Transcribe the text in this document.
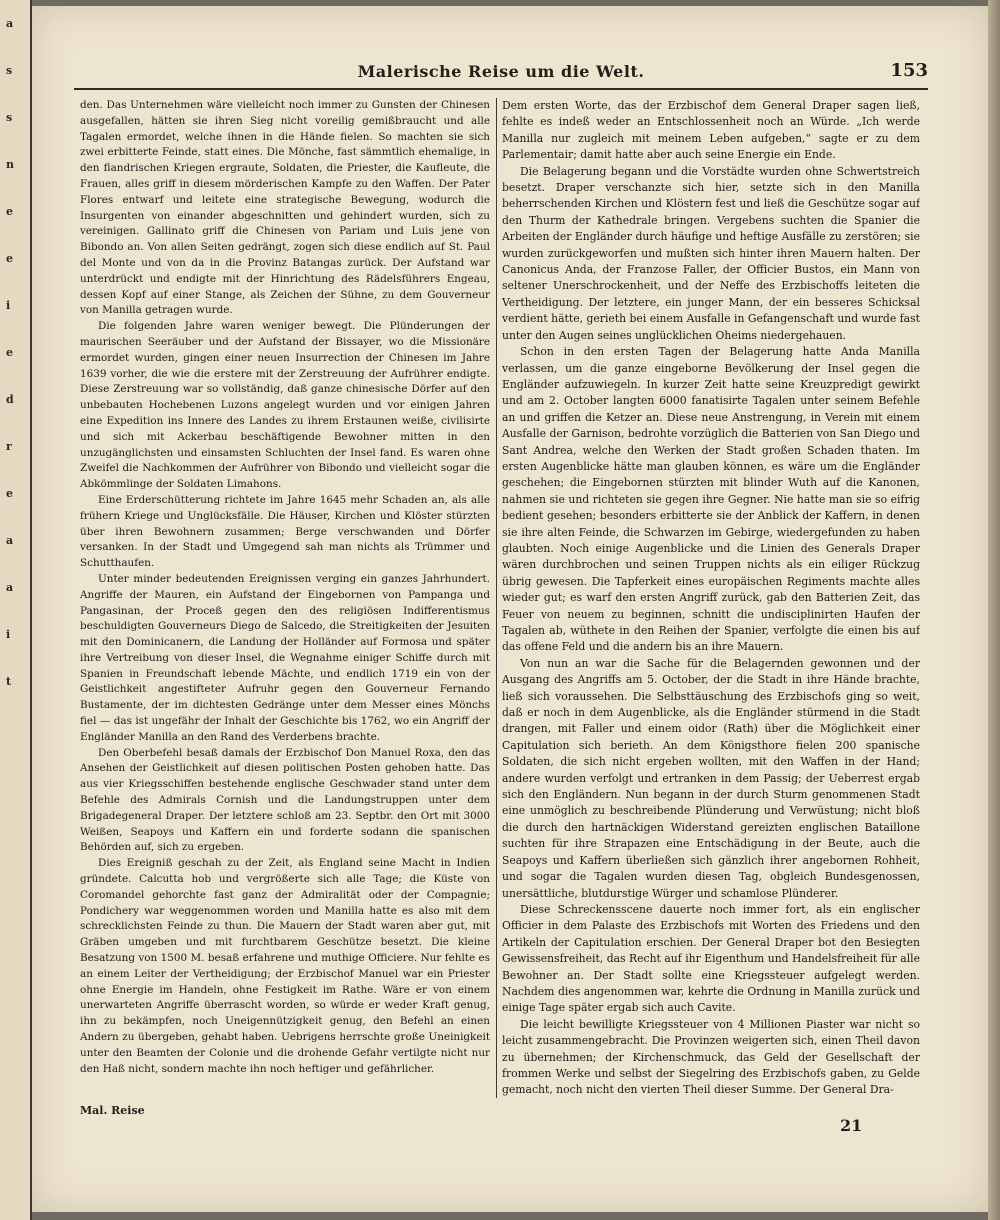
a
s
s
n
e
e
i
e
d
r
e
a
a
i
t
Malerische Reise um die Welt.	153

den. Das Unternehmen wäre vielleicht noch immer zu Gunsten der Chinesen ausgefallen, hätten sie ihren Sieg nicht voreilig gemißbraucht und alle Tagalen ermordet, welche ihnen in die Hände fielen. So machten sie sich zwei erbitterte Feinde, statt eines. Die Mönche, fast sämmtlich ehemalige, in den flandrischen Kriegen ergraute, Soldaten, die Priester, die Kaufleute, die Frauen, alles griff in diesem mörderischen Kampfe zu den Waffen. Der Pater Flores entwarf und leitete eine strategische Bewegung, wodurch die Insurgenten von einander abgeschnitten und gehindert wurden, sich zu vereinigen. Gallinato griff die Chinesen von Pariam und Luis jene von Bibondo an. Von allen Seiten gedrängt, zogen sich diese endlich auf St. Paul del Monte und von da in die Provinz Batangas zurück. Der Aufstand war unterdrückt und endigte mit der Hinrichtung des Rädelsführers Engeau, dessen Kopf auf einer Stange, als Zeichen der Sühne, zu dem Gouverneur von Manilla getragen wurde.

Die folgenden Jahre waren weniger bewegt. Die Plünderungen der maurischen Seeräuber und der Aufstand der Bissayer, wo die Missionäre ermordet wurden, gingen einer neuen Insurrection der Chinesen im Jahre 1639 vorher, die wie die erstere mit der Zerstreuung der Aufrührer endigte. Diese Zerstreuung war so vollständig, daß ganze chinesische Dörfer auf den unbebauten Hochebenen Luzons angelegt wurden und vor einigen Jahren eine Expedition ins Innere des Landes zu ihrem Erstaunen weiße, civilisirte und sich mit Ackerbau beschäftigende Bewohner mitten in den unzugänglichsten und einsamsten Schluchten der Insel fand. Es waren ohne Zweifel die Nachkommen der Aufrührer von Bibondo und vielleicht sogar die Abkömmlinge der Soldaten Limahons.

Eine Erderschütterung richtete im Jahre 1645 mehr Schaden an, als alle frühern Kriege und Unglücksfälle. Die Häuser, Kirchen und Klöster stürzten über ihren Bewohnern zusammen; Berge verschwanden und Dörfer versanken. In der Stadt und Umgegend sah man nichts als Trümmer und Schutthaufen.

Unter minder bedeutenden Ereignissen verging ein ganzes Jahrhundert. Angriffe der Mauren, ein Aufstand der Eingebornen von Pampanga und Pangasinan, der Proceß gegen den des religiösen Indifferentismus beschuldigten Gouverneurs Diego de Salcedo, die Streitigkeiten der Jesuiten mit den Dominicanern, die Landung der Holländer auf Formosa und später ihre Vertreibung von dieser Insel, die Wegnahme einiger Schiffe durch mit Spanien in Freundschaft lebende Mächte, und endlich 1719 ein von der Geistlichkeit angestifteter Aufruhr gegen den Gouverneur Fernando Bustamente, der im dichtesten Gedränge unter dem Messer eines Mönchs fiel — das ist ungefähr der Inhalt der Geschichte bis 1762, wo ein Angriff der Engländer Manilla an den Rand des Verderbens brachte.

Den Oberbefehl besaß damals der Erzbischof Don Manuel Roxa, den das Ansehen der Geistlichkeit auf diesen politischen Posten gehoben hatte. Das aus vier Kriegsschiffen bestehende englische Geschwader stand unter dem Befehle des Admirals Cornish und die Landungstruppen unter dem Brigadegeneral Draper. Der letztere schloß am 23. Septbr. den Ort mit 3000 Weißen, Seapoys und Kaffern ein und forderte sodann die spanischen Behörden auf, sich zu ergeben.

Dies Ereigniß geschah zu der Zeit, als England seine Macht in Indien gründete. Calcutta hob und vergrößerte sich alle Tage; die Küste von Coromandel gehorchte fast ganz der Admiralität oder der Compagnie; Pondichery war weggenommen worden und Manilla hatte es also mit dem schrecklichsten Feinde zu thun. Die Mauern der Stadt waren aber gut, mit Gräben umgeben und mit furchtbarem Geschütze besetzt. Die kleine Besatzung von 1500 M. besaß erfahrene und muthige Officiere. Nur fehlte es an einem Leiter der Vertheidigung; der Erzbischof Manuel war ein Priester ohne Energie im Handeln, ohne Festigkeit im Rathe. Wäre er von einem unerwarteten Angriffe überrascht worden, so würde er weder Kraft genug, ihn zu bekämpfen, noch Uneigennützigkeit genug, den Befehl an einen Andern zu übergeben, gehabt haben. Uebrigens herrschte große Uneinigkeit unter den Beamten der Colonie und die drohende Gefahr vertilgte nicht nur den Haß nicht, sondern machte ihn noch heftiger und gefährlicher.

Dem ersten Worte, das der Erzbischof dem General Draper sagen ließ, fehlte es indeß weder an Entschlossenheit noch an Würde. „Ich werde Manilla nur zugleich mit meinem Leben aufgeben,“ sagte er zu dem Parlementair; damit hatte aber auch seine Energie ein Ende.

Die Belagerung begann und die Vorstädte wurden ohne Schwertstreich besetzt. Draper verschanzte sich hier, setzte sich in den Manilla beherrschenden Kirchen und Klöstern fest und ließ die Geschütze sogar auf den Thurm der Kathedrale bringen. Vergebens suchten die Spanier die Arbeiten der Engländer durch häufige und heftige Ausfälle zu zerstören; sie wurden zurückgeworfen und mußten sich hinter ihren Mauern halten. Der Canonicus Anda, der Franzose Faller, der Officier Bustos, ein Mann von seltener Unerschrockenheit, und der Neffe des Erzbischoffs leiteten die Vertheidigung. Der letztere, ein junger Mann, der ein besseres Schicksal verdient hätte, gerieth bei einem Ausfalle in Gefangenschaft und wurde fast unter den Augen seines unglücklichen Oheims niedergehauen.

Schon in den ersten Tagen der Belagerung hatte Anda Manilla verlassen, um die ganze eingeborne Bevölkerung der Insel gegen die Engländer aufzuwiegeln. In kurzer Zeit hatte seine Kreuzpredigt gewirkt und am 2. October langten 6000 fanatisirte Tagalen unter seinem Befehle an und griffen die Ketzer an. Diese neue Anstrengung, in Verein mit einem Ausfalle der Garnison, bedrohte vorzüglich die Batterien von San Diego und Sant Andrea, welche den Werken der Stadt großen Schaden thaten. Im ersten Augenblicke hätte man glauben können, es wäre um die Engländer geschehen; die Eingebornen stürzten mit blinder Wuth auf die Kanonen, nahmen sie und richteten sie gegen ihre Gegner. Nie hatte man sie so eifrig bedient gesehen; besonders erbitterte sie der Anblick der Kaffern, in denen sie ihre alten Feinde, die Schwarzen im Gebirge, wiedergefunden zu haben glaubten. Noch einige Augenblicke und die Linien des Generals Draper wären durchbrochen und seinen Truppen nichts als ein eiliger Rückzug übrig gewesen. Die Tapferkeit eines europäischen Regiments machte alles wieder gut; es warf den ersten Angriff zurück, gab den Batterien Zeit, das Feuer von neuem zu beginnen, schnitt die undisciplinirten Haufen der Tagalen ab, wüthete in den Reihen der Spanier, verfolgte die einen bis auf das offene Feld und die andern bis an ihre Mauern.

Von nun an war die Sache für die Belagernden gewonnen und der Ausgang des Angriffs am 5. October, der die Stadt in ihre Hände brachte, ließ sich voraussehen. Die Selbsttäuschung des Erzbischofs ging so weit, daß er noch in dem Augenblicke, als die Engländer stürmend in die Stadt drangen, mit Faller und einem oidor (Rath) über die Möglichkeit einer Capitulation sich berieth. An dem Königsthore fielen 200 spanische Soldaten, die sich nicht ergeben wollten, mit den Waffen in der Hand; andere wurden verfolgt und ertranken in dem Passig; der Ueberrest ergab sich den Engländern. Nun begann in der durch Sturm genommenen Stadt eine unmöglich zu beschreibende Plünderung und Verwüstung; nicht bloß die durch den hartnäckigen Widerstand gereizten englischen Bataillone suchten für ihre Strapazen eine Entschädigung in der Beute, auch die Seapoys und Kaffern überließen sich gänzlich ihrer angebornen Rohheit, und sogar die Tagalen wurden diesen Tag, obgleich Bundesgenossen, unersättliche, blutdurstige Würger und schamlose Plünderer.

Diese Schreckensscene dauerte noch immer fort, als ein englischer Officier in dem Palaste des Erzbischofs mit Worten des Friedens und den Artikeln der Capitulation erschien. Der General Draper bot den Besiegten Gewissensfreiheit, das Recht auf ihr Eigenthum und Handelsfreiheit für alle Bewohner an. Der Stadt sollte eine Kriegssteuer aufgelegt werden. Nachdem dies angenommen war, kehrte die Ordnung in Manilla zurück und einige Tage später ergab sich auch Cavite.

Die leicht bewilligte Kriegssteuer von 4 Millionen Piaster war nicht so leicht zusammengebracht. Die Provinzen weigerten sich, einen Theil davon zu übernehmen; der Kirchenschmuck, das Geld der Gesellschaft der frommen Werke und selbst der Siegelring des Erzbischofs gaben, zu Gelde gemacht, noch nicht den vierten Theil dieser Summe. Der General Dra-

Mal. Reise
21
